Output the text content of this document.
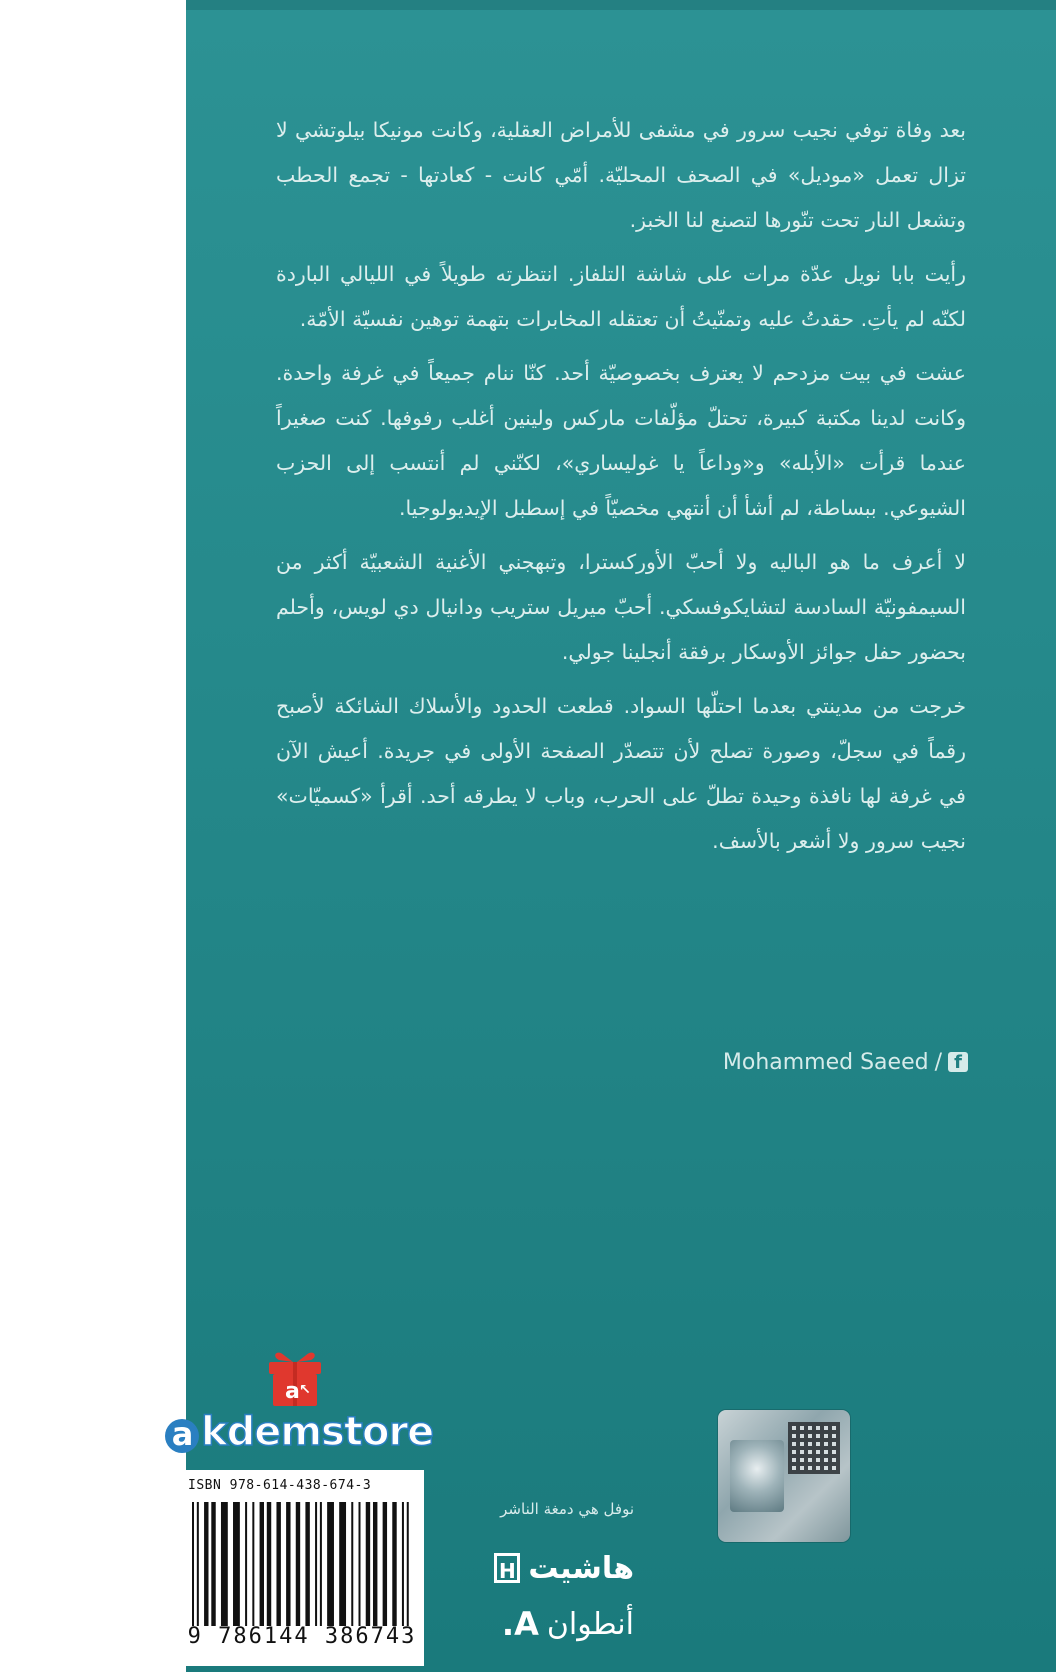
بعد وفاة توفي نجيب سرور في مشفى للأمراض العقلية، وكانت مونيكا بيلوتشي لا تزال تعمل «موديل» في الصحف المحليّة. أمّي كانت - كعادتها - تجمع الحطب وتشعل النار تحت تنّورها لتصنع لنا الخبز.

رأيت بابا نويل عدّة مرات على شاشة التلفاز. انتظرته طويلاً في الليالي الباردة لكنّه لم يأتِ. حقدتُ عليه وتمنّيتُ أن تعتقله المخابرات بتهمة توهين نفسيّة الأمّة.

عشت في بيت مزدحم لا يعترف بخصوصيّة أحد. كنّا ننام جميعاً في غرفة واحدة. وكانت لدينا مكتبة كبيرة، تحتلّ مؤلّفات ماركس ولينين أغلب رفوفها. كنت صغيراً عندما قرأت «الأبله» و«وداعاً يا غوليساري»، لكنّني لم أنتسب إلى الحزب الشيوعي. ببساطة، لم أشأ أن أنتهي مخصيّاً في إسطبل الإيديولوجيا.

لا أعرف ما هو الباليه ولا أحبّ الأوركسترا، وتبهجني الأغنية الشعبيّة أكثر من السيمفونيّة السادسة لتشايكوفسكي. أحبّ ميريل ستريب ودانيال دي لويس، وأحلم بحضور حفل جوائز الأوسكار برفقة أنجلينا جولي.

خرجت من مدينتي بعدما احتلّها السواد. قطعت الحدود والأسلاك الشائكة لأصبح رقماً في سجلّ، وصورة تصلح لأن تتصدّر الصفحة الأولى في جريدة. أعيش الآن في غرفة لها نافذة وحيدة تطلّ على الحرب، وباب لا يطرقه أحد. أقرأ «كسميّات» نجيب سرور ولا أشعر بالأسف.

Mohammed Saeed / f
a ↖
a kdemstore
ISBN 978-614-438-674-3
9 786144 386743
نوفل هي دمغة الناشر
هاشيت
H
أنطوان
A.
